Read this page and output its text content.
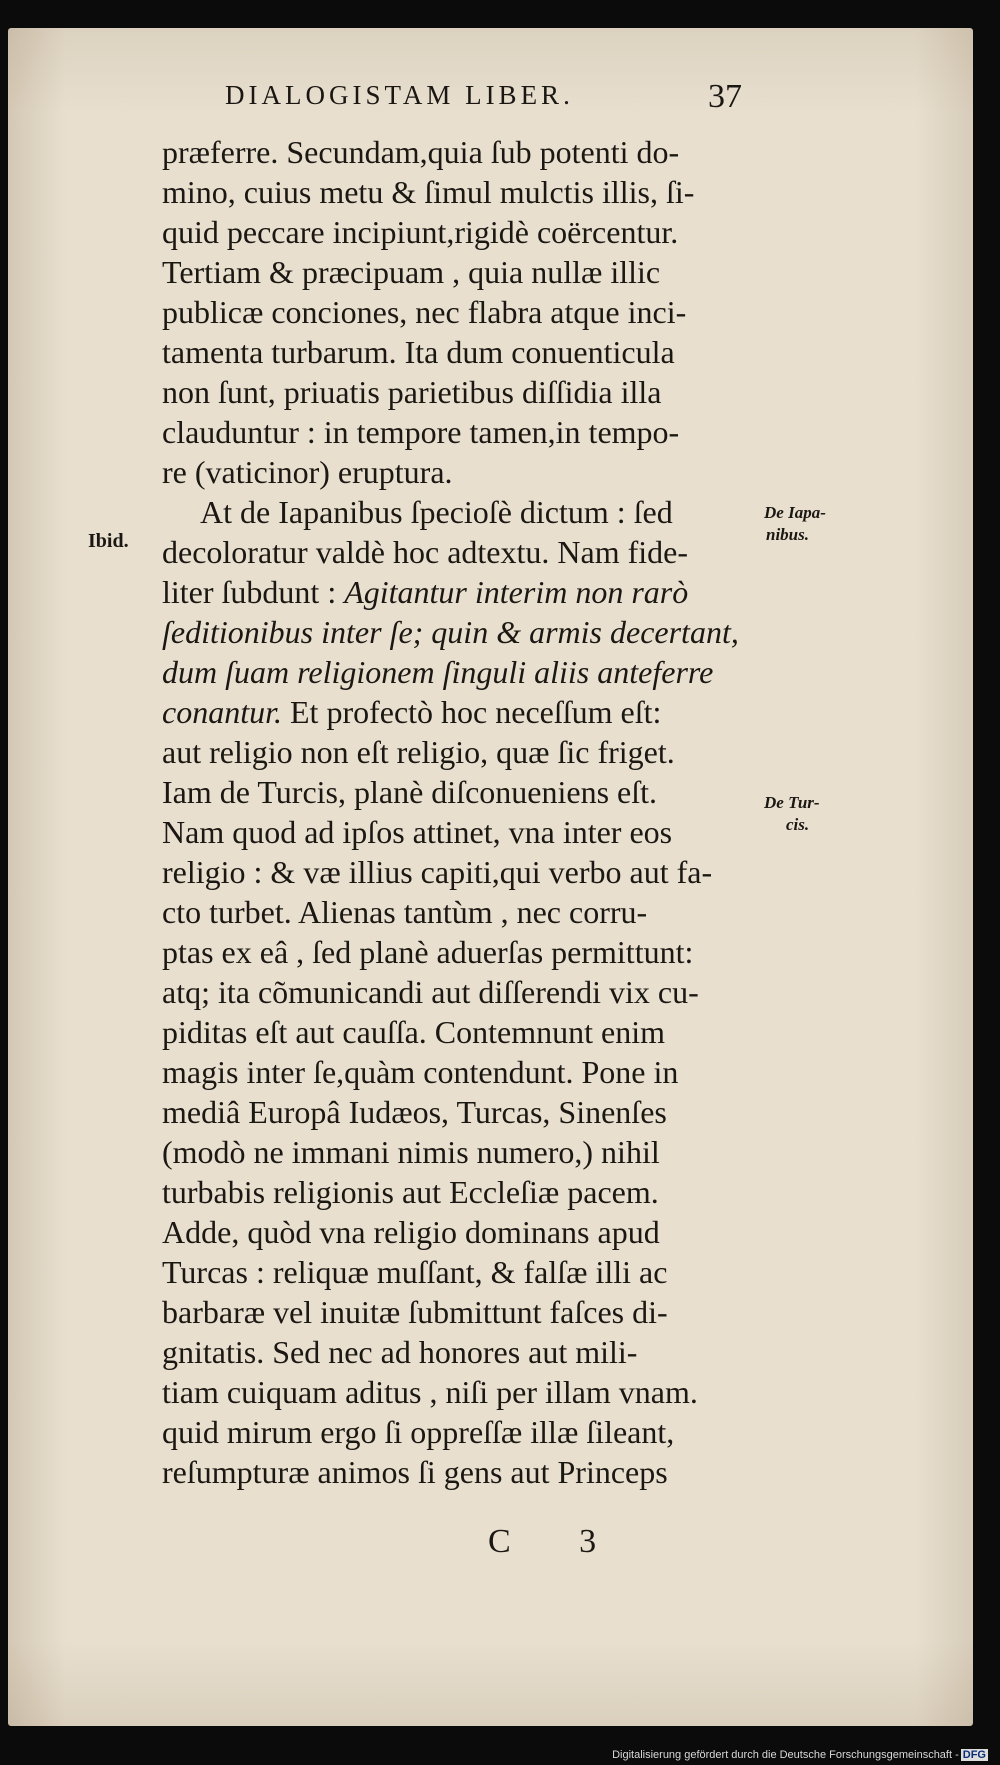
DIALOGISTAM LIBER.	37
præferre. Secundam,quia ſub potenti do-
mino, cuius metu & ſimul mulctis illis, ſi-
quid peccare incipiunt,rigidè coërcentur.
Tertiam & præcipuam , quia nullæ illic
publicæ conciones, nec flabra atque inci-
tamenta turbarum. Ita dum conuenticula
non ſunt, priuatis parietibus diſſidia illa
clauduntur : in tempore tamen,in tempo-
re (vaticinor) eruptura.
At de Iapanibus ſpecioſè dictum : ſed
decoloratur valdè hoc adtextu. Nam fide-
liter ſubdunt : Agitantur interim non rarò
ſeditionibus inter ſe; quin & armis decertant,
dum ſuam religionem ſinguli aliis anteferre
conantur. Et profectò hoc neceſſum eſt:
aut religio non eſt religio, quæ ſic friget.
Iam de Turcis, planè diſconueniens eſt.
Nam quod ad ipſos attinet, vna inter eos
religio : & væ illius capiti,qui verbo aut fa-
cto turbet. Alienas tantùm , nec corru-
ptas ex eâ , ſed planè aduerſas permittunt:
atq; ita cõmunicandi aut diſſerendi vix cu-
piditas eſt aut cauſſa. Contemnunt enim
magis inter ſe,quàm contendunt. Pone in
mediâ Europâ Iudæos, Turcas, Sinenſes
(modò ne immani nimis numero,) nihil
turbabis religionis aut Eccleſiæ pacem.
Adde, quòd vna religio dominans apud
Turcas : reliquæ muſſant, & falſæ illi ac
barbaræ vel inuitæ ſubmittunt faſces di-
gnitatis. Sed nec ad honores aut mili-
tiam cuiquam aditus , niſi per illam vnam.
quid mirum ergo ſi oppreſſæ illæ ſileant,
reſumpturæ animos ſi gens aut Princeps
Ibid.
De Iapa-
nibus.
De Tur-
cis.
C 3
Digitalisierung gefördert durch die Deutsche Forschungsgemeinschaft - DFG
